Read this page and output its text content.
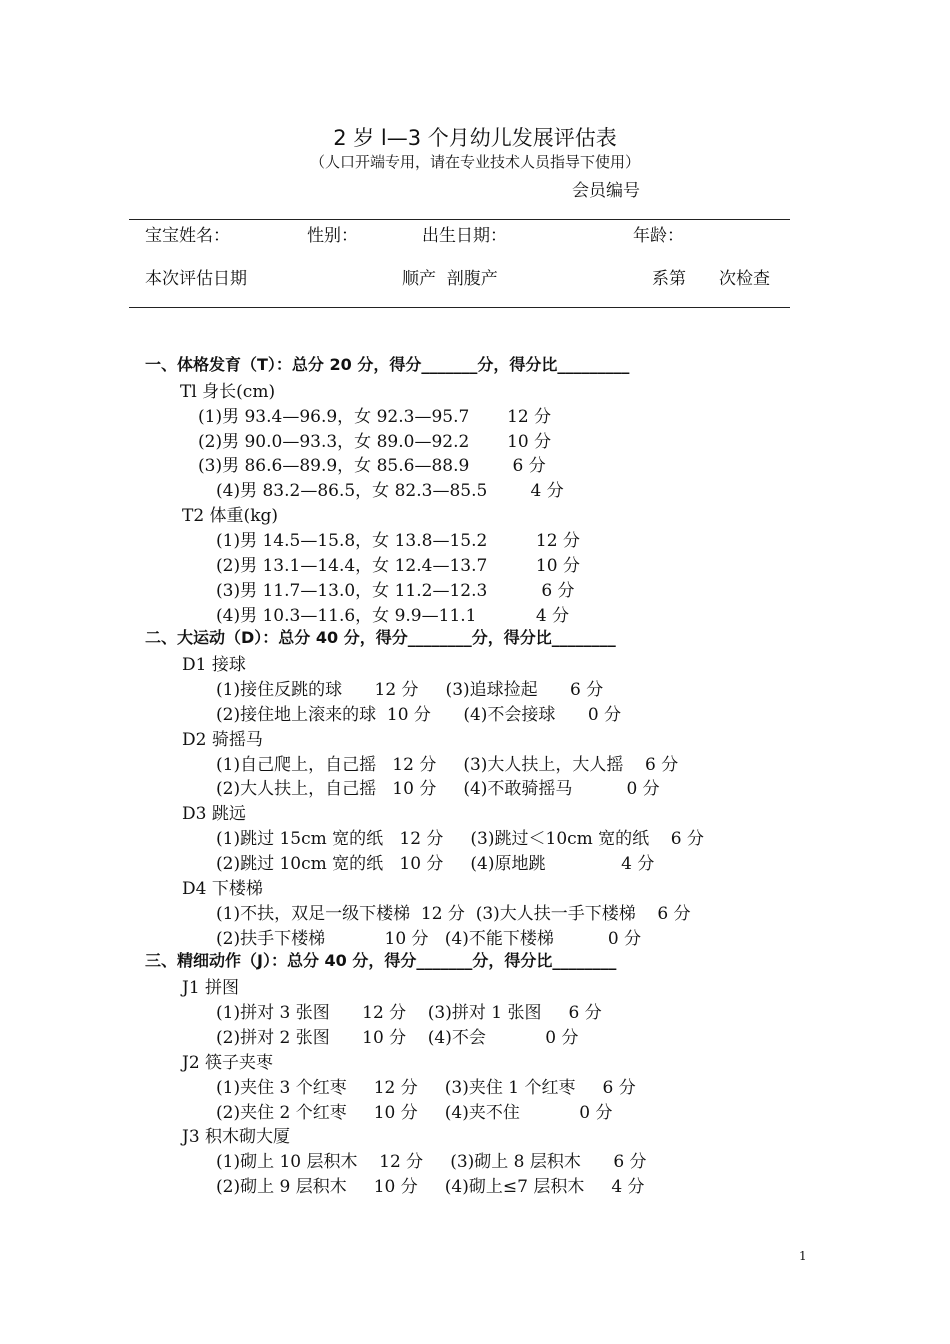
2 岁 l—3 个月幼儿发展评估表
（人口开端专用，请在专业技术人员指导下使用）
会员编号
宝宝姓名：	性别：	出生日期：	年龄：
本次评估日期	顺产  剖腹产	系第 次检查
一、体格发育（T）：总分 20 分，得分_______分，得分比_________
Tl 身长(cm)
(1)男 93.4—96.9，女 92.3—95.7       12 分
(2)男 90.0—93.3，女 89.0—92.2       10 分
(3)男 86.6—89.9，女 85.6—88.9        6 分
(4)男 83.2—86.5，女 82.3—85.5        4 分
T2 体重(kg)
(1)男 14.5—15.8，女 13.8—15.2         12 分
(2)男 13.1—14.4，女 12.4—13.7         10 分
(3)男 11.7—13.0，女 11.2—12.3          6 分
(4)男 10.3—11.6，女 9.9—11.1           4 分
二、大运动（D）：总分 40 分，得分________分，得分比________
D1 接球
(1)接住反跳的球      12 分     (3)追球捡起      6 分
(2)接住地上滚来的球  10 分      (4)不会接球      0 分
D2 骑摇马
(1)自己爬上，自己摇   12 分     (3)大人扶上，大人摇    6 分
(2)大人扶上，自己摇   10 分     (4)不敢骑摇马          0 分
D3 跳远
(1)跳过 15cm 宽的纸   12 分     (3)跳过＜10cm 宽的纸    6 分
(2)跳过 10cm 宽的纸   10 分     (4)原地跳              4 分
D4 下楼梯
(1)不扶，双足一级下楼梯  12 分  (3)大人扶一手下楼梯    6 分
(2)扶手下楼梯           10 分   (4)不能下楼梯          0 分
三、精细动作（J）：总分 40 分，得分_______分，得分比________
J1 拼图
(1)拼对 3 张图      12 分    (3)拼对 1 张图     6 分
(2)拼对 2 张图      10 分    (4)不会           0 分
J2 筷子夹枣
(1)夹住 3 个红枣     12 分     (3)夹住 1 个红枣     6 分
(2)夹住 2 个红枣     10 分     (4)夹不住           0 分
J3 积木砌大厦
(1)砌上 10 层积木    12 分     (3)砌上 8 层积木      6 分
(2)砌上 9 层积木     10 分     (4)砌上≤7 层积木     4 分
1
